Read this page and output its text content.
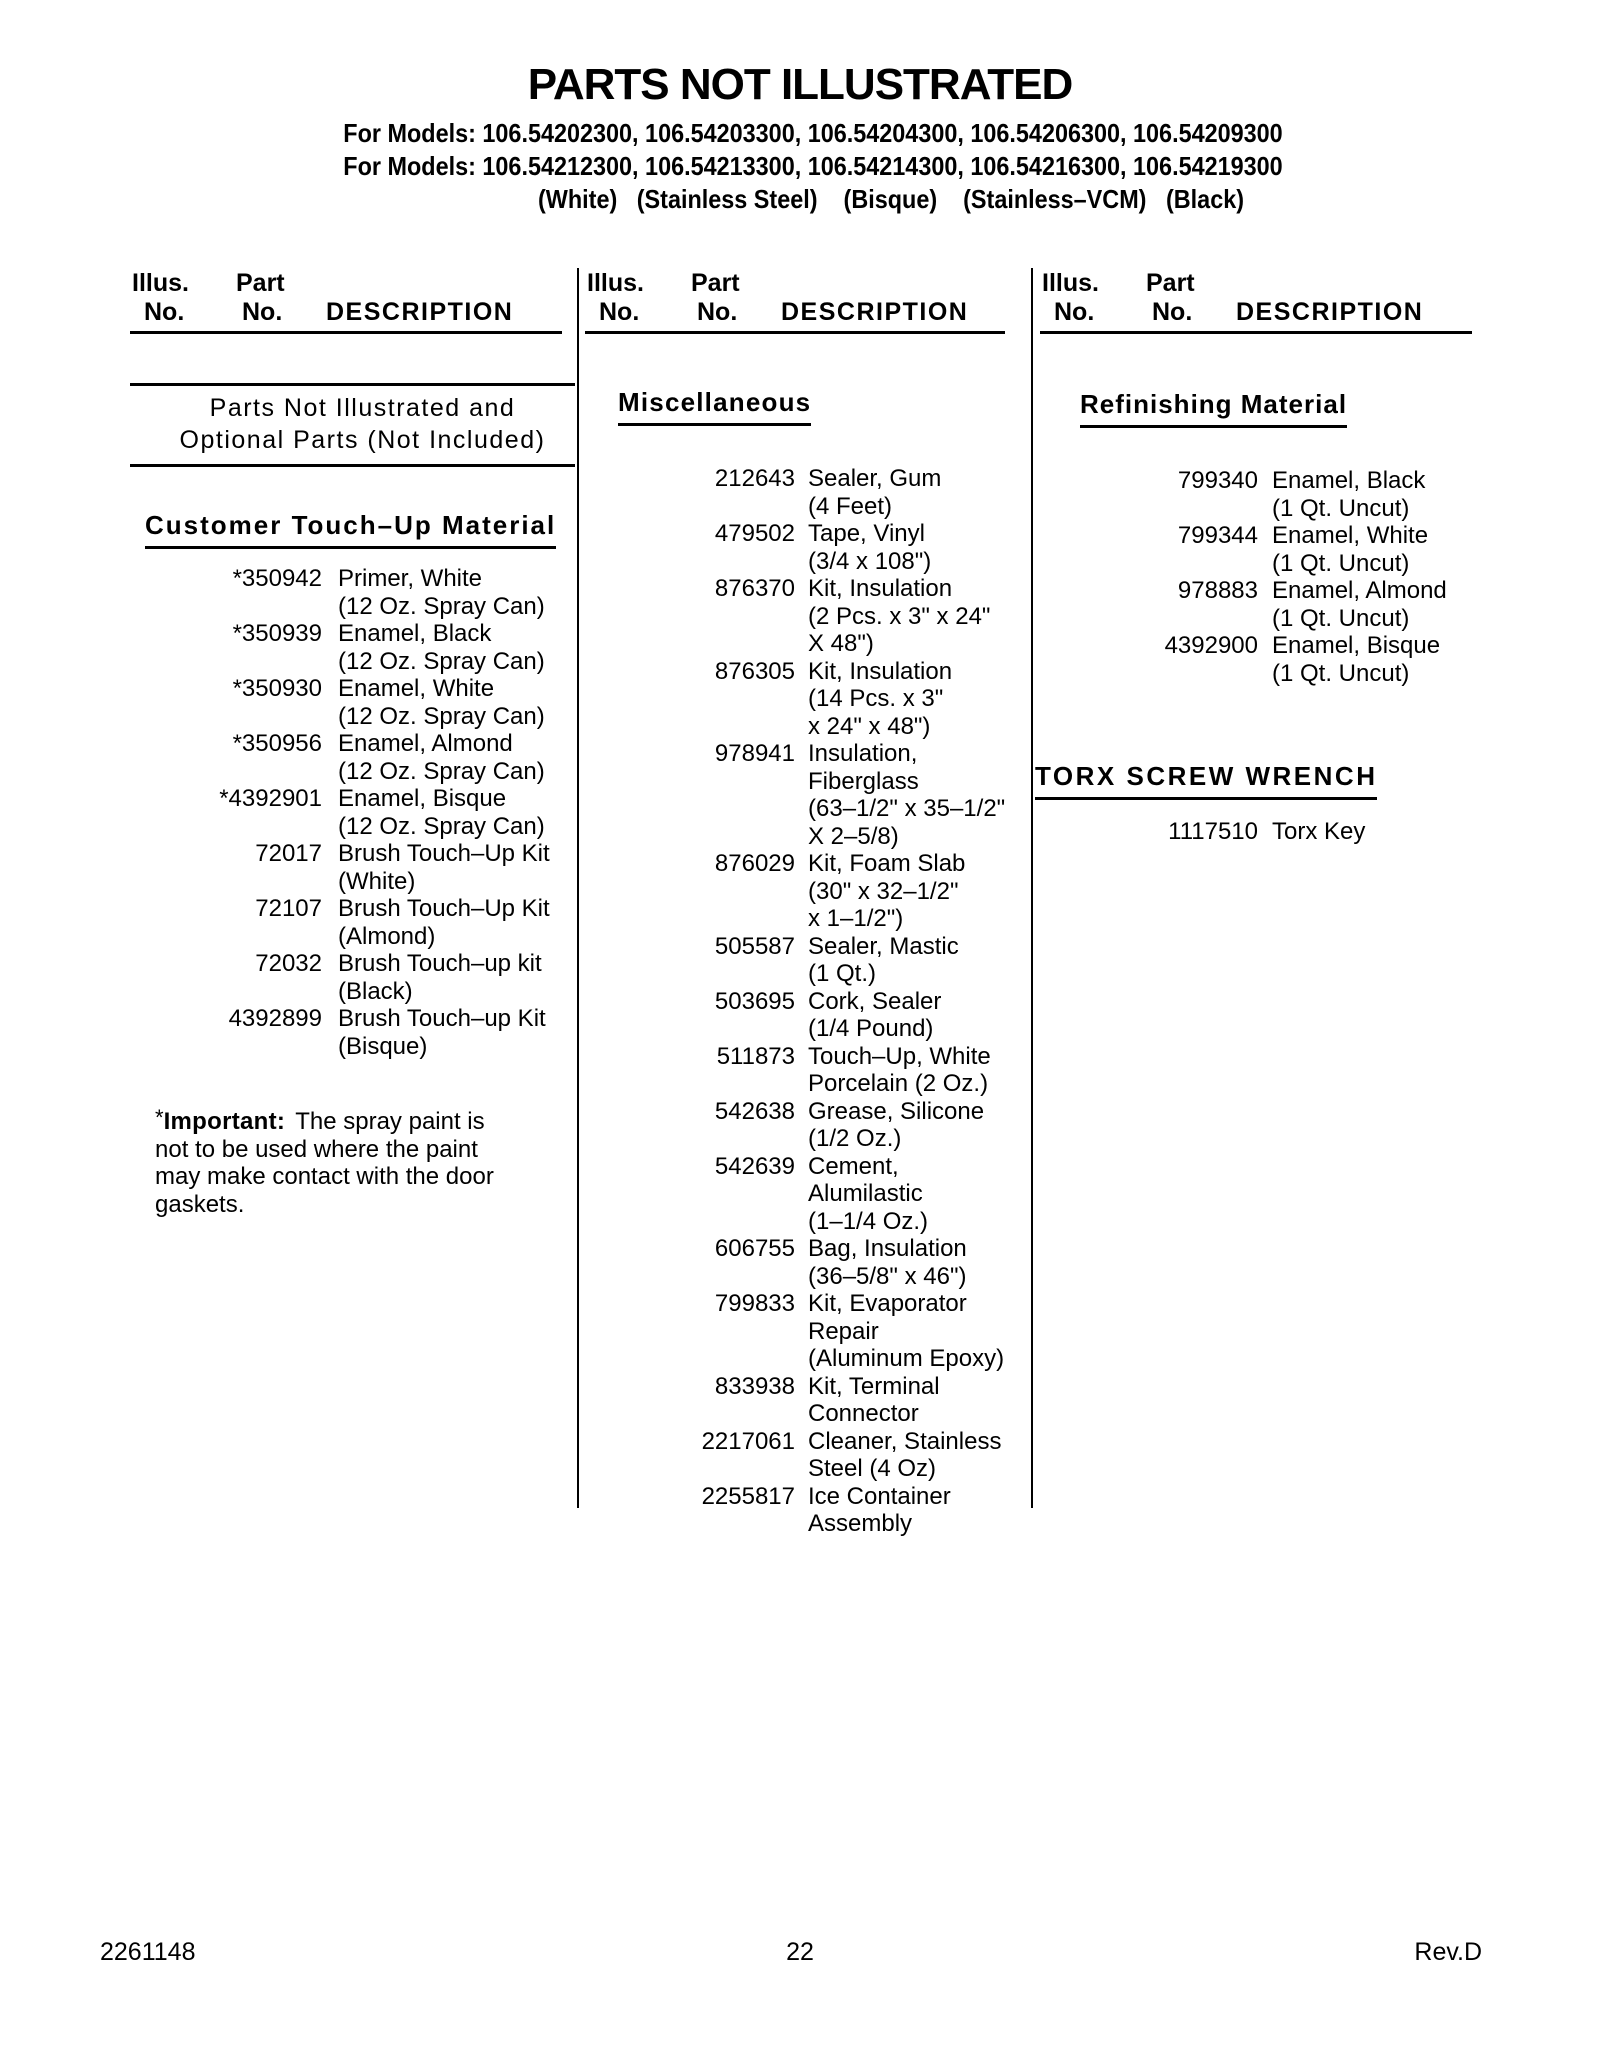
PARTS NOT ILLUSTRATED
For Models: 106.54202300, 106.54203300, 106.54204300, 106.54206300, 106.54209300
For Models: 106.54212300, 106.54213300, 106.54214300, 106.54216300, 106.54219300
(White)   (Stainless Steel)    (Bisque)    (Stainless–VCM)   (Black)
Illus. Part
No. No. DESCRIPTION
Parts Not Illustrated and
Optional Parts (Not Included)
Customer Touch–Up Material
*350942 Primer, White
(12 Oz. Spray Can)
*350939 Enamel, Black
(12 Oz. Spray Can)
*350930 Enamel, White
(12 Oz. Spray Can)
*350956 Enamel, Almond
(12 Oz. Spray Can)
*4392901 Enamel, Bisque
(12 Oz. Spray Can)
72017 Brush Touch–Up Kit
(White)
72107 Brush Touch–Up Kit
(Almond)
72032 Brush Touch–up kit
(Black)
4392899 Brush Touch–up Kit
(Bisque)
*Important: The spray paint is
not to be used where the paint
may make contact with the door
gaskets.
Illus. Part
No. No. DESCRIPTION
Miscellaneous
212643 Sealer, Gum
(4 Feet)
479502 Tape, Vinyl
(3/4 x 108")
876370 Kit, Insulation
(2 Pcs. x 3" x 24"
X 48")
876305 Kit, Insulation
(14 Pcs. x 3"
x 24" x 48")
978941 Insulation,
Fiberglass
(63–1/2" x 35–1/2"
X 2–5/8)
876029 Kit, Foam Slab
(30" x 32–1/2"
x 1–1/2")
505587 Sealer, Mastic
(1 Qt.)
503695 Cork, Sealer
(1/4 Pound)
511873 Touch–Up, White
Porcelain (2 Oz.)
542638 Grease, Silicone
(1/2 Oz.)
542639 Cement,
Alumilastic
(1–1/4 Oz.)
606755 Bag, Insulation
(36–5/8" x 46")
799833 Kit, Evaporator
Repair
(Aluminum Epoxy)
833938 Kit, Terminal
Connector
2217061 Cleaner, Stainless
Steel (4 Oz)
2255817 Ice Container
Assembly
Illus. Part
No. No. DESCRIPTION
Refinishing Material
799340 Enamel, Black
(1 Qt. Uncut)
799344 Enamel, White
(1 Qt. Uncut)
978883 Enamel, Almond
(1 Qt. Uncut)
4392900 Enamel, Bisque
(1 Qt. Uncut)
TORX SCREW WRENCH
1117510 Torx Key
2261148	22	Rev.D
